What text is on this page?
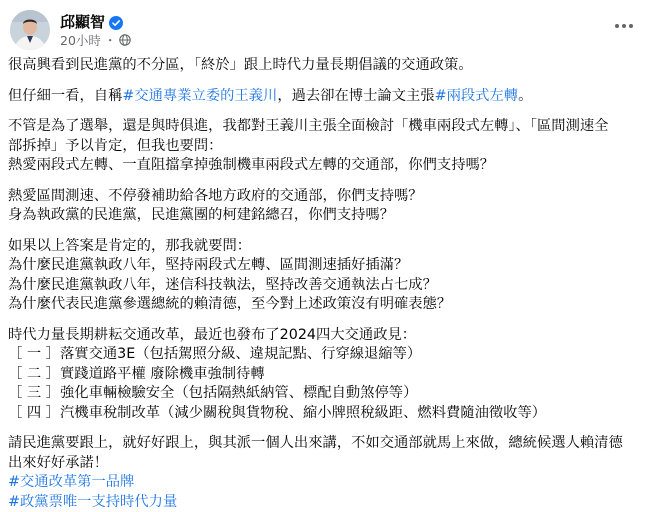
邱顯智
20小時 ・

很高興看到民進黨的不分區，「終於」跟上時代力量長期倡議的交通政策。

但仔細一看，自稱#交通專業立委的王義川，過去卻在博士論文主張#兩段式左轉。

不管是為了選舉，還是與時俱進，我都對王義川主張全面檢討「機車兩段式左轉」、「區間測速全

部拆掉」予以肯定，但我也要問：

熱愛兩段式左轉、一直阻擋拿掉強制機車兩段式左轉的交通部，你們支持嗎？

熱愛區間測速、不停發補助給各地方政府的交通部，你們支持嗎？

身為執政黨的民進黨，民進黨團的柯建銘總召，你們支持嗎？

如果以上答案是肯定的，那我就要問：

為什麼民進黨執政八年，堅持兩段式左轉、區間測速插好插滿？

為什麼民進黨執政八年，迷信科技執法，堅持改善交通執法占七成？

為什麼代表民進黨參選總統的賴清德，至今對上述政策沒有明確表態？

時代力量長期耕耘交通改革，最近也發布了2024四大交通政見：

［ 一 ］落實交通3E（包括駕照分級、違規記點、行穿線退縮等）

［ 二 ］實踐道路平權 廢除機車強制待轉

［ 三 ］強化車輛檢驗安全（包括隔熱紙納管、標配自動煞停等）

［ 四 ］汽機車稅制改革（減少關稅與貨物稅、縮小牌照稅級距、燃料費隨油徵收等）

請民進黨要跟上，就好好跟上，與其派一個人出來講，不如交通部就馬上來做，總統候選人賴清德

出來好好承諾！

#交通改革第一品牌

#政黨票唯一支持時代力量
